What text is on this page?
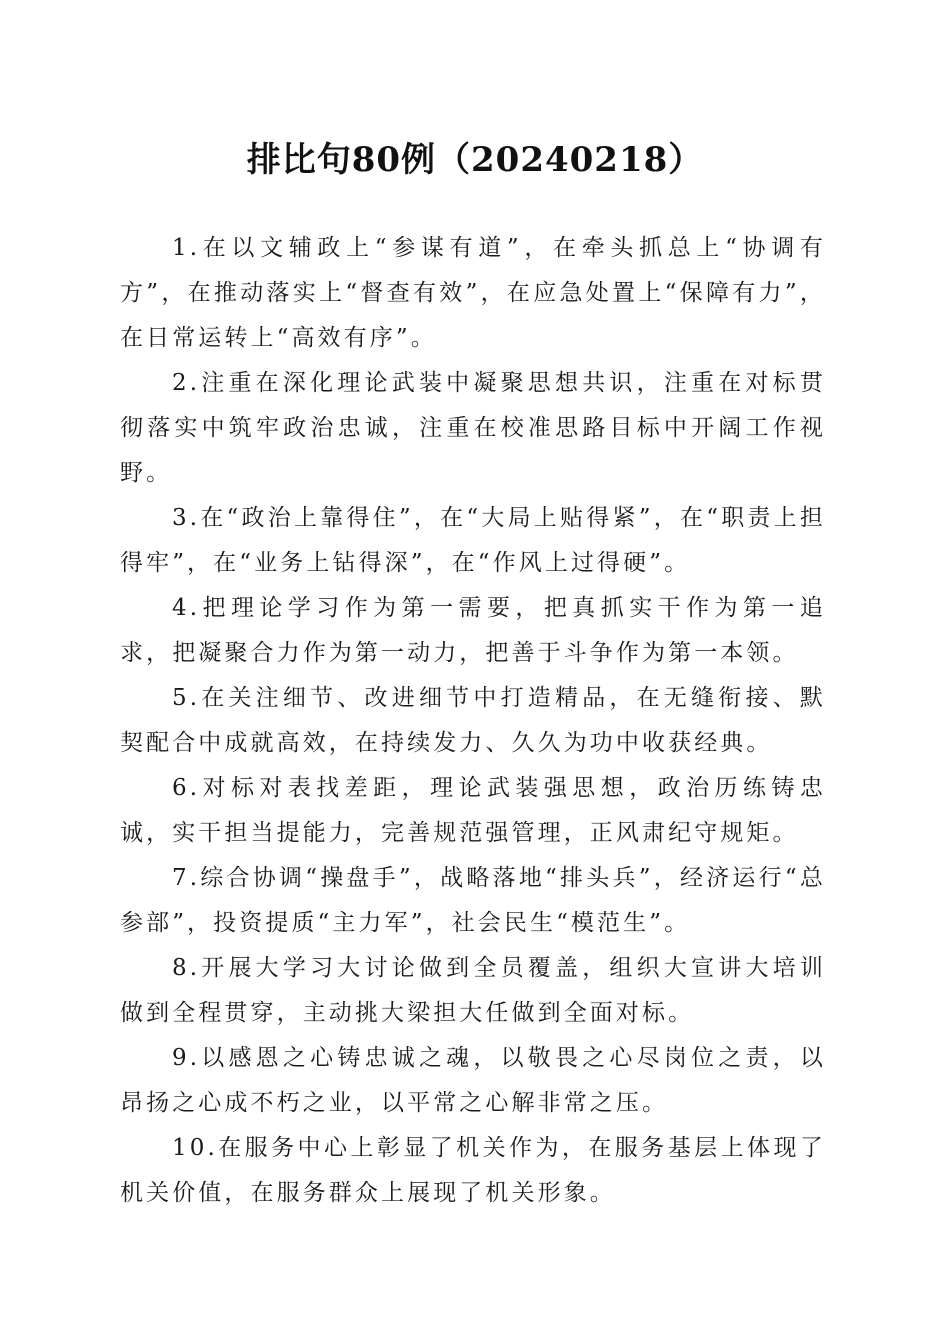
排比句80例（20240218）

1.在以文辅政上“参谋有道”，在牵头抓总上“协调有方”，在推动落实上“督查有效”，在应急处置上“保障有力”，在日常运转上“高效有序”。

2.注重在深化理论武装中凝聚思想共识，注重在对标贯彻落实中筑牢政治忠诚，注重在校准思路目标中开阔工作视野。

3.在“政治上靠得住”，在“大局上贴得紧”，在“职责上担得牢”，在“业务上钻得深”，在“作风上过得硬”。

4.把理论学习作为第一需要，把真抓实干作为第一追求，把凝聚合力作为第一动力，把善于斗争作为第一本领。

5.在关注细节、改进细节中打造精品，在无缝衔接、默契配合中成就高效，在持续发力、久久为功中收获经典。

6.对标对表找差距，理论武装强思想，政治历练铸忠诚，实干担当提能力，完善规范强管理，正风肃纪守规矩。

7.综合协调“操盘手”，战略落地“排头兵”，经济运行“总参部”，投资提质“主力军”，社会民生“模范生”。

8.开展大学习大讨论做到全员覆盖，组织大宣讲大培训做到全程贯穿，主动挑大梁担大任做到全面对标。

9.以感恩之心铸忠诚之魂，以敬畏之心尽岗位之责，以昂扬之心成不朽之业，以平常之心解非常之压。

10.在服务中心上彰显了机关作为，在服务基层上体现了机关价值，在服务群众上展现了机关形象。
